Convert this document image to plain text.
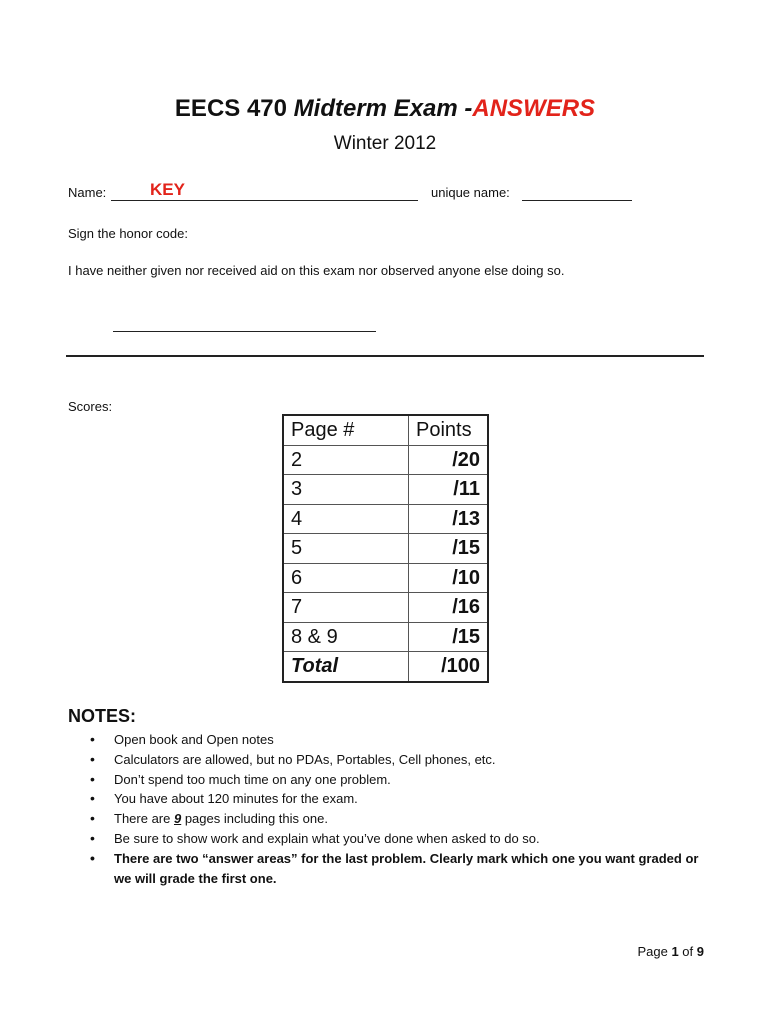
EECS 470 Midterm Exam -ANSWERS
Winter 2012
Name:	KEY	unique name:
Sign the honor code:
I have neither given nor received aid on this exam nor observed anyone else doing so.
Scores:
Page #	Points
2	/20
3	/11
4	/13
5	/15
6	/10
7	/16
8 & 9	/15
Total	/100
NOTES:
• Open book and Open notes
• Calculators are allowed, but no PDAs, Portables, Cell phones, etc.
• Don’t spend too much time on any one problem.
• You have about 120 minutes for the exam.
• There are 9 pages including this one.
• Be sure to show work and explain what you’ve done when asked to do so.
• There are two “answer areas” for the last problem. Clearly mark which one you want graded or we will grade the first one.
Page 1 of 9
